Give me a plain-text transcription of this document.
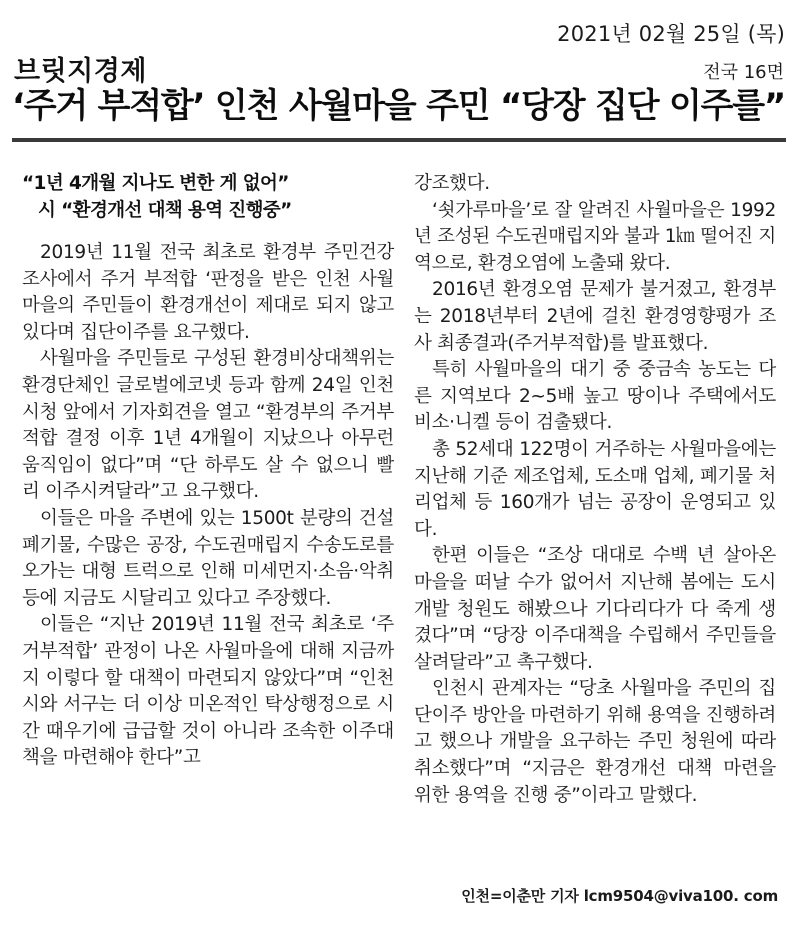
2021년 02월 25일 (목)
브릿지경제	전국 16면
‘주거 부적합’ 인천 사월마을 주민 “당장 집단 이주를”
“1년 4개월 지나도 변한 게 없어”
시 “환경개선 대책 용역 진행중”

2019년 11월 전국 최초로 환경부 주민건강조사에서 주거 부적합 ‘판정을 받은 인천 사월마을의 주민들이 환경개선이 제대로 되지 않고 있다며 집단이주를 요구했다.

사월마을 주민들로 구성된 환경비상대책위는 환경단체인 글로벌에코넷 등과 함께 24일 인천시청 앞에서 기자회견을 열고 “환경부의 주거부적합 결정 이후 1년 4개월이 지났으나 아무런 움직임이 없다”며 “단 하루도 살 수 없으니 빨리 이주시켜달라”고 요구했다.

이들은 마을 주변에 있는 1500t 분량의 건설폐기물, 수많은 공장, 수도권매립지 수송도로를 오가는 대형 트럭으로 인해 미세먼지·소음·악취 등에 지금도 시달리고 있다고 주장했다.

이들은 “지난 2019년 11월 전국 최초로 ‘주거부적합’ 관정이 나온 사월마을에 대해 지금까지 이렇다 할 대책이 마련되지 않았다”며 “인천시와 서구는 더 이상 미온적인 탁상행정으로 시간 때우기에 급급할 것이 아니라 조속한 이주대책을 마련해야 한다”고

강조했다.

‘쇳가루마을’로 잘 알려진 사월마을은 1992년 조성된 수도권매립지와 불과 1㎞ 떨어진 지역으로, 환경오염에 노출돼 왔다.

2016년 환경오염 문제가 불거졌고, 환경부는 2018년부터 2년에 걸친 환경영향평가 조사 최종결과(주거부적합)를 발표했다.

특히 사월마을의 대기 중 중금속 농도는 다른 지역보다 2~5배 높고 땅이나 주택에서도 비소·니켈 등이 검출됐다.

총 52세대 122명이 거주하는 사월마을에는 지난해 기준 제조업체, 도소매 업체, 폐기물 처리업체 등 160개가 넘는 공장이 운영되고 있다.

한편 이들은 “조상 대대로 수백 년 살아온 마을을 떠날 수가 없어서 지난해 봄에는 도시개발 청원도 해봤으나 기다리다가 다 죽게 생겼다”며 “당장 이주대책을 수립해서 주민들을 살려달라”고 촉구했다.

인천시 관계자는 “당초 사월마을 주민의 집단이주 방안을 마련하기 위해 용역을 진행하려고 했으나 개발을 요구하는 주민 청원에 따라 취소했다”며 “지금은 환경개선 대책 마련을 위한 용역을 진행 중”이라고 말했다.

인천=이춘만 기자 lcm9504@viva100. com
